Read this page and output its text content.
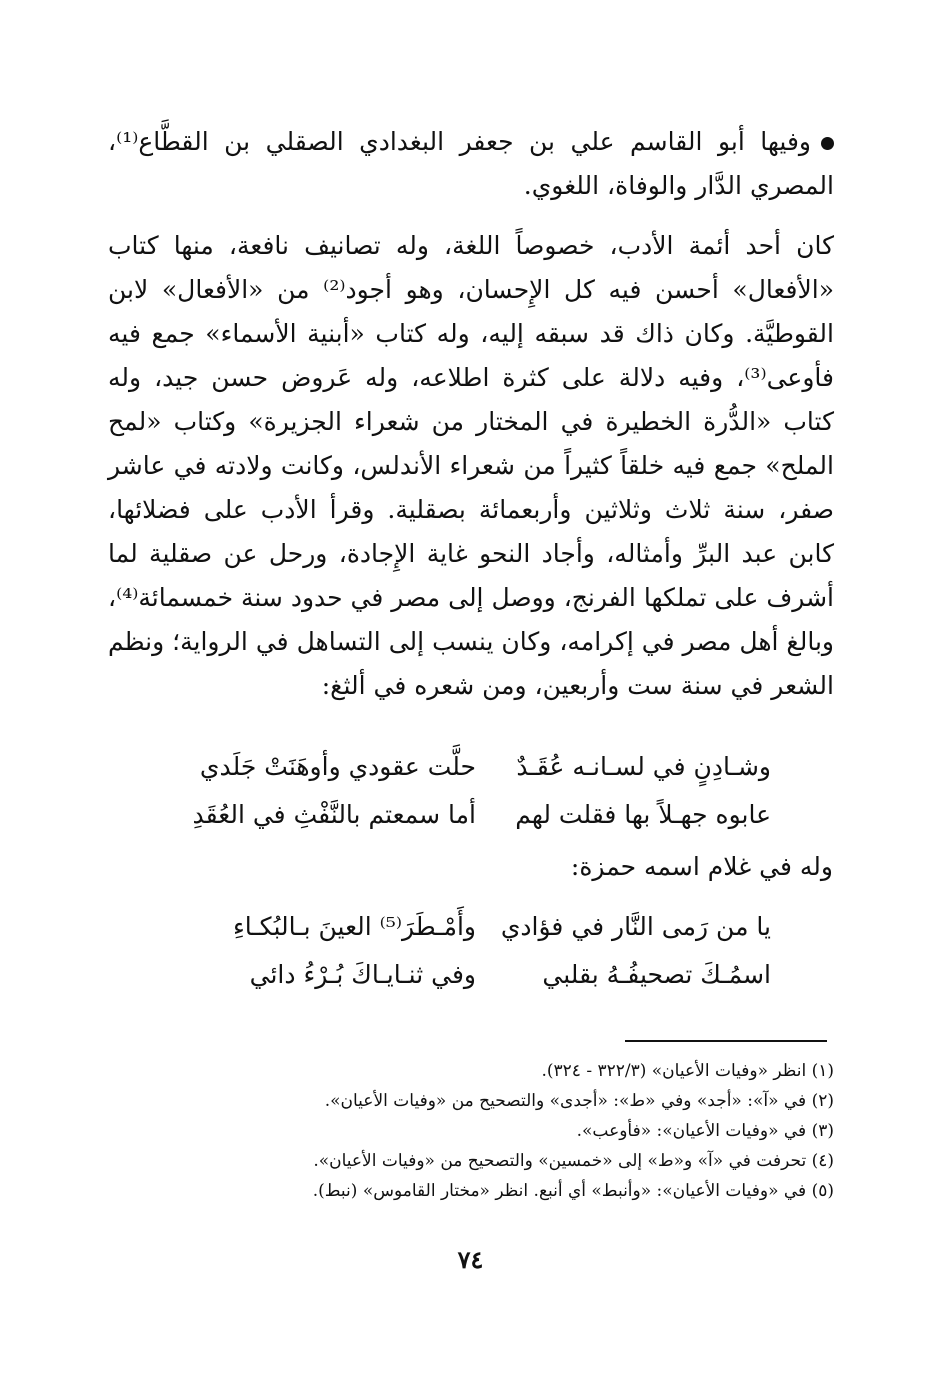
وفيها أبو القاسم علي بن جعفر البغدادي الصقلي بن القطَّاع⁽¹⁾، المصري الدَّار والوفاة، اللغوي.

كان أحد أئمة الأدب، خصوصاً اللغة، وله تصانيف نافعة، منها كتاب «الأفعال» أحسن فيه كل الإِحسان، وهو أجود⁽²⁾ من «الأفعال» لابن القوطيَّة. وكان ذاك قد سبقه إليه، وله كتاب «أبنية الأسماء» جمع فيه فأوعى⁽³⁾، وفيه دلالة على كثرة اطلاعه، وله عَروض حسن جيد، وله كتاب «الدُّرة الخطيرة في المختار من شعراء الجزيرة» وكتاب «لمح الملح» جمع فيه خلقاً كثيراً من شعراء الأندلس، وكانت ولادته في عاشر صفر، سنة ثلاث وثلاثين وأربعمائة بصقلية. وقرأ الأدب على فضلائها، كابن عبد البرِّ وأمثاله، وأجاد النحو غاية الإِجادة، ورحل عن صقلية لما أشرف على تملكها الفرنج، ووصل إلى مصر في حدود سنة خمسمائة⁽⁴⁾، وبالغ أهل مصر في إكرامه، وكان ينسب إلى التساهل في الرواية؛ ونظم الشعر في سنة ست وأربعين، ومن شعره في ألثغ:

وشـادِنٍ في لسـانـه عُقَـدٌ
حلَّت عقودي وأوهَنَتْ جَلَدي
عابوه جهـلاً بها فقلت لهم
أما سمعتم بالنَّفْثِ في العُقَدِ
وله في غلام اسمه حمزة:
يا من رَمى النَّار في فؤادي
وأَمْـطَرَ⁽⁵⁾ العينَ بـالبُكـاءِ
اسمُـكَ تصحيفُـهُ بقلبي
وفي ثنـايـاكَ بُـرْءُ دائي
(١) انظر «وفيات الأعيان» (٣٢٢/٣ - ٣٢٤).
(٢) في «آ»: «أجد» وفي «ط»: «أجدى» والتصحيح من «وفيات الأعيان».
(٣) في «وفيات الأعيان»: «فأوعب».
(٤) تحرفت في «آ» و«ط» إلى «خمسين» والتصحيح من «وفيات الأعيان».
(٥) في «وفيات الأعيان»: «وأنبط» أي أنبع. انظر «مختار القاموس» (نبط).
٧٤
